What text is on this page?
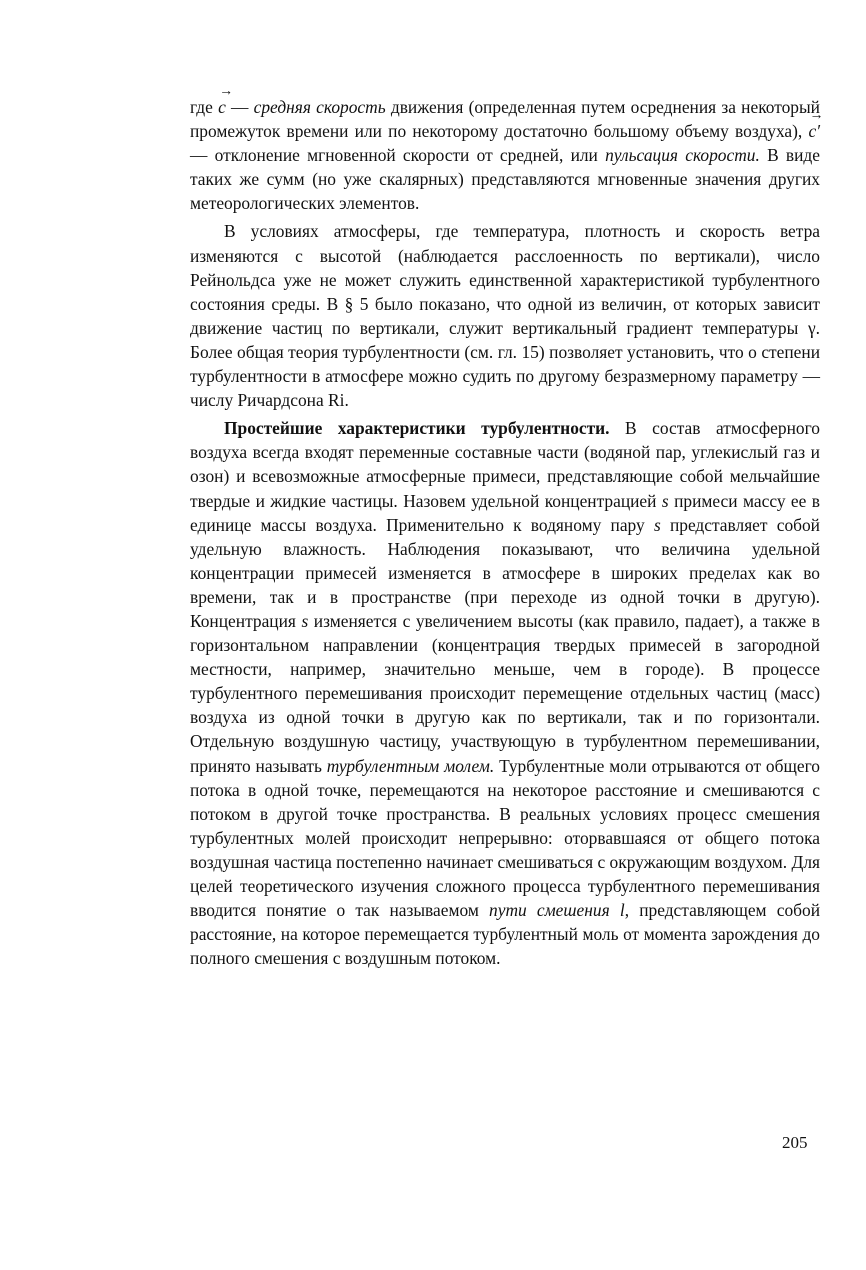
где → c — средняя скорость движения (определенная путем осреднения за некоторый промежуток времени или по некоторому достаточно большому объему воздуха), → c′ — отклонение мгновенной скорости от средней, или пульсация скорости. В виде таких же сумм (но уже скалярных) представляются мгновенные значения других метеорологических элементов.

В условиях атмосферы, где температура, плотность и скорость ветра изменяются с высотой (наблюдается расслоенность по вертикали), число Рейнольдса уже не может служить единственной характеристикой турбулентного состояния среды. В § 5 было показано, что одной из величин, от которых зависит движение частиц по вертикали, служит вертикальный градиент температуры γ. Более общая теория турбулентности (см. гл. 15) позволяет установить, что о степени турбулентности в атмосфере можно судить по другому безразмерному параметру — числу Ричардсона Ri.

Простейшие характеристики турбулентности. В состав атмосферного воздуха всегда входят переменные составные части (водяной пар, углекислый газ и озон) и всевозможные атмосферные примеси, представляющие собой мельчайшие твердые и жидкие частицы. Назовем удельной концентрацией s примеси массу ее в единице массы воздуха. Применительно к водяному пару s представляет собой удельную влажность. Наблюдения показывают, что величина удельной концентрации примесей изменяется в атмосфере в широких пределах как во времени, так и в пространстве (при переходе из одной точки в другую). Концентрация s изменяется с увеличением высоты (как правило, падает), а также в горизонтальном направлении (концентрация твердых примесей в загородной местности, например, значительно меньше, чем в городе). В процессе турбулентного перемешивания происходит перемещение отдельных частиц (масс) воздуха из одной точки в другую как по вертикали, так и по горизонтали. Отдельную воздушную частицу, участвующую в турбулентном перемешивании, принято называть турбулентным молем. Турбулентные моли отрываются от общего потока в одной точке, перемещаются на некоторое расстояние и смешиваются с потоком в другой точке пространства. В реальных условиях процесс смешения турбулентных молей происходит непрерывно: оторвавшаяся от общего потока воздушная частица постепенно начинает смешиваться с окружающим воздухом. Для целей теоретического изучения сложного процесса турбулентного перемешивания вводится понятие о так называемом пути смешения l, представляющем собой расстояние, на которое перемещается турбулентный моль от момента зарождения до полного смешения с воздушным потоком.

205
